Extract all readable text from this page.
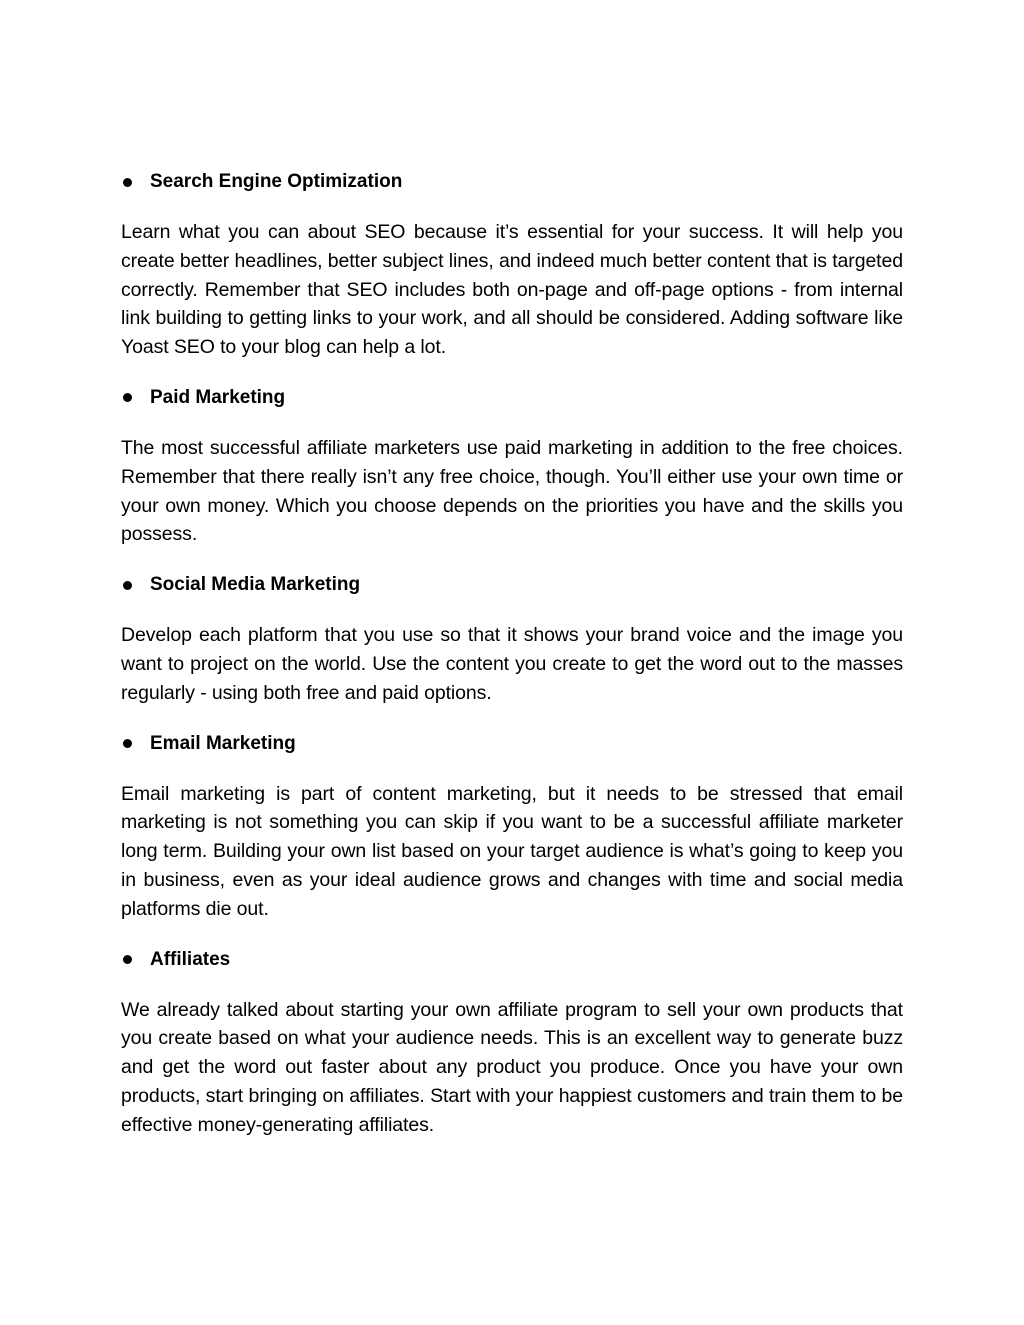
Search Engine Optimization

Learn what you can about SEO because it’s essential for your success. It will help you create better headlines, better subject lines, and indeed much better content that is targeted correctly. Remember that SEO includes both on-page and off-page options - from internal link building to getting links to your work, and all should be considered. Adding software like Yoast SEO to your blog can help a lot.

Paid Marketing

The most successful affiliate marketers use paid marketing in addition to the free choices. Remember that there really isn’t any free choice, though. You’ll either use your own time or your own money. Which you choose depends on the priorities you have and the skills you possess.

Social Media Marketing

Develop each platform that you use so that it shows your brand voice and the image you want to project on the world. Use the content you create to get the word out to the masses regularly - using both free and paid options.

Email Marketing

Email marketing is part of content marketing, but it needs to be stressed that email marketing is not something you can skip if you want to be a successful affiliate marketer long term. Building your own list based on your target audience is what’s going to keep you in business, even as your ideal audience grows and changes with time and social media platforms die out.

Affiliates

We already talked about starting your own affiliate program to sell your own products that you create based on what your audience needs. This is an excellent way to generate buzz and get the word out faster about any product you produce. Once you have your own products, start bringing on affiliates. Start with your happiest customers and train them to be effective money-generating affiliates.
